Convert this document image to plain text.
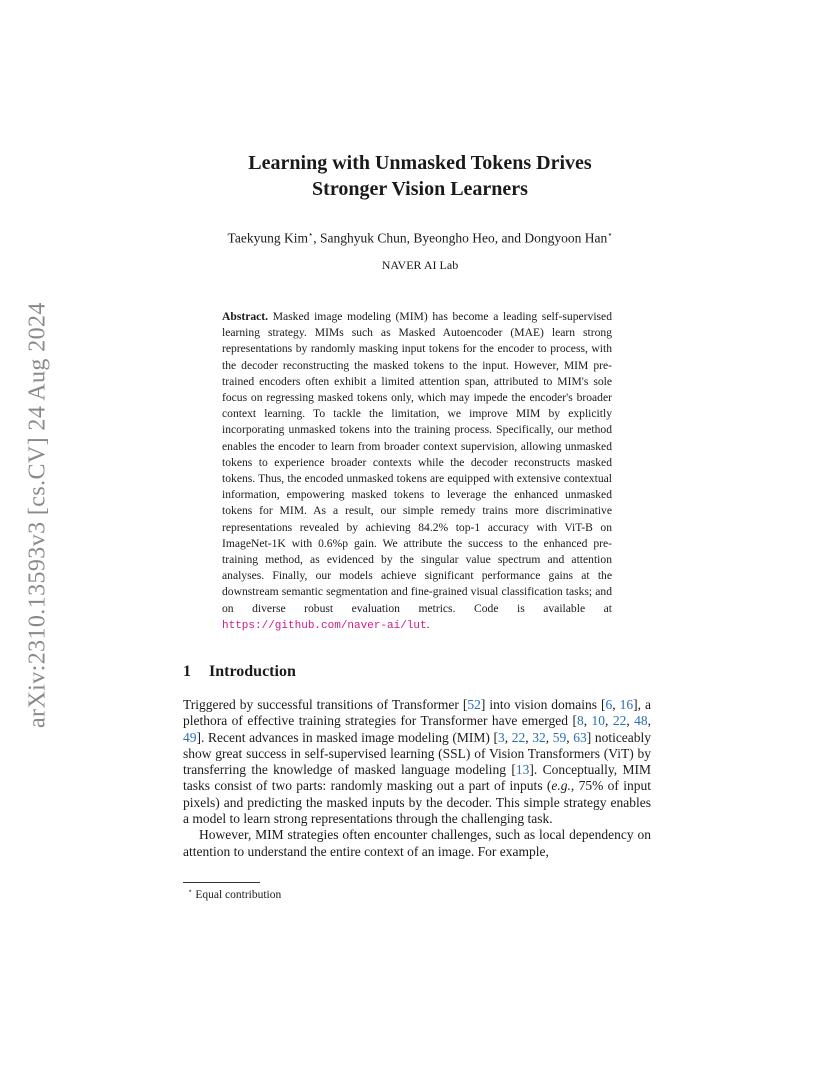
arXiv:2310.13593v3 [cs.CV] 24 Aug 2024
Learning with Unmasked Tokens Drives
Stronger Vision Learners
Taekyung Kim⋆, Sanghyuk Chun, Byeongho Heo, and Dongyoon Han⋆
NAVER AI Lab
Abstract. Masked image modeling (MIM) has become a leading self-supervised learning strategy. MIMs such as Masked Autoencoder (MAE) learn strong representations by randomly masking input tokens for the encoder to process, with the decoder reconstructing the masked tokens to the input. However, MIM pre-trained encoders often exhibit a limited attention span, attributed to MIM's sole focus on regressing masked tokens only, which may impede the encoder's broader context learning. To tackle the limitation, we improve MIM by explicitly incorporating unmasked tokens into the training process. Specifically, our method enables the encoder to learn from broader context supervision, allowing unmasked tokens to experience broader contexts while the decoder reconstructs masked tokens. Thus, the encoded unmasked tokens are equipped with extensive contextual information, empowering masked tokens to leverage the enhanced unmasked tokens for MIM. As a result, our simple remedy trains more discriminative representations revealed by achieving 84.2% top-1 accuracy with ViT-B on ImageNet-1K with 0.6%p gain. We attribute the success to the enhanced pre-training method, as evidenced by the singular value spectrum and attention analyses. Finally, our models achieve significant performance gains at the downstream semantic segmentation and fine-grained visual classification tasks; and on diverse robust evaluation metrics. Code is available at https://github.com/naver-ai/lut.
1 Introduction

Triggered by successful transitions of Transformer [52] into vision domains [6, 16], a plethora of effective training strategies for Transformer have emerged [8, 10, 22, 48, 49]. Recent advances in masked image modeling (MIM) [3, 22, 32, 59, 63] noticeably show great success in self-supervised learning (SSL) of Vision Transformers (ViT) by transferring the knowledge of masked language modeling [13]. Conceptually, MIM tasks consist of two parts: randomly masking out a part of inputs (e.g., 75% of input pixels) and predicting the masked inputs by the decoder. This simple strategy enables a model to learn strong representations through the challenging task.

However, MIM strategies often encounter challenges, such as local dependency on attention to understand the entire context of an image. For example,

⋆ Equal contribution
